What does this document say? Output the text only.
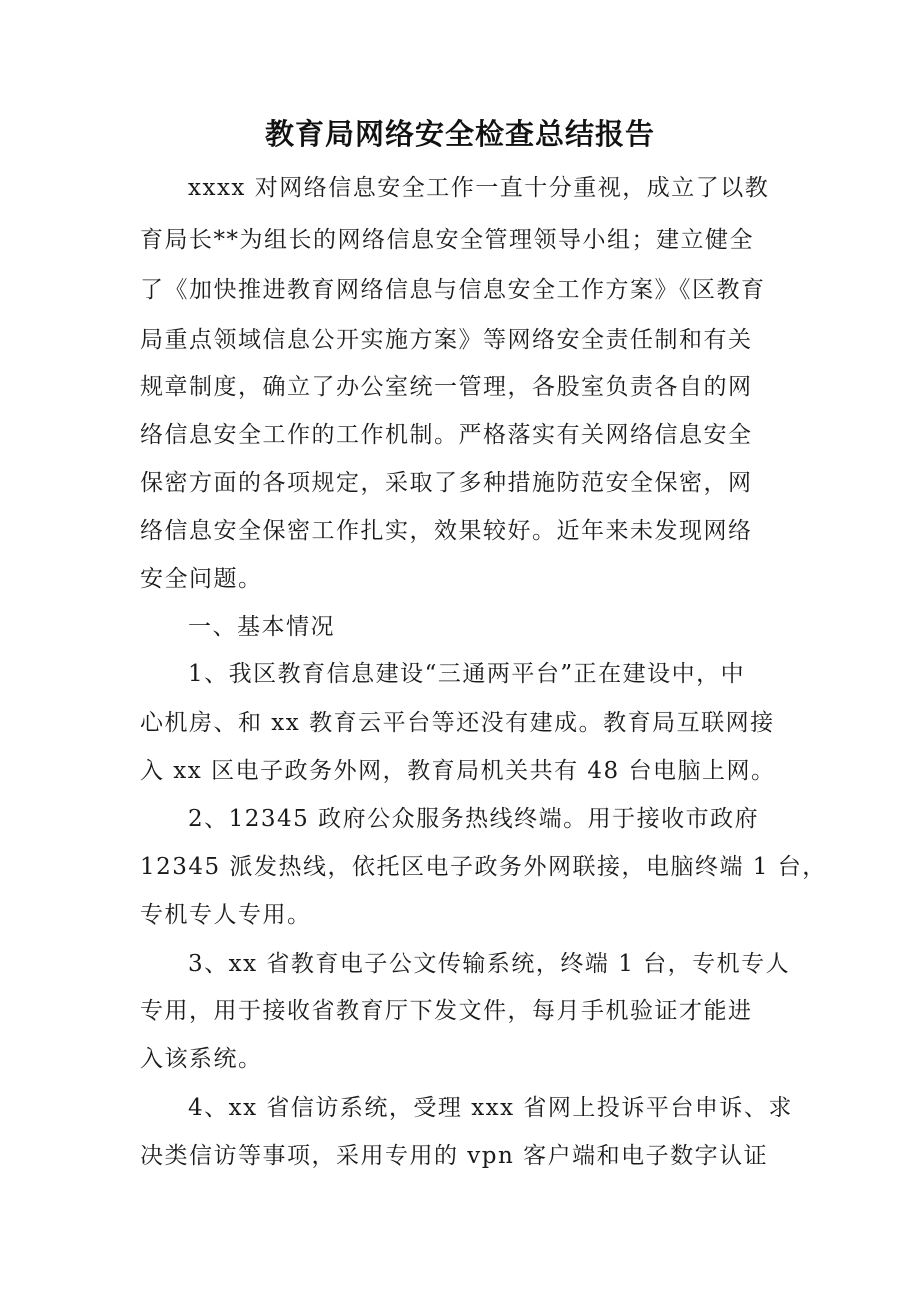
教育局网络安全检查总结报告

xxxx 对网络信息安全工作一直十分重视，成立了以教

育局长**为组长的网络信息安全管理领导小组；建立健全

了《加快推进教育网络信息与信息安全工作方案》《区教育

局重点领域信息公开实施方案》等网络安全责任制和有关

规章制度，确立了办公室统一管理，各股室负责各自的网

络信息安全工作的工作机制。严格落实有关网络信息安全

保密方面的各项规定，采取了多种措施防范安全保密，网

络信息安全保密工作扎实，效果较好。近年来未发现网络

安全问题。

一、基本情况

1、我区教育信息建设“三通两平台”正在建设中，中

心机房、和 xx 教育云平台等还没有建成。教育局互联网接

入 xx 区电子政务外网，教育局机关共有 48 台电脑上网。

2、12345 政府公众服务热线终端。用于接收市政府

12345 派发热线，依托区电子政务外网联接，电脑终端 1 台，

专机专人专用。

3、xx 省教育电子公文传输系统，终端 1 台，专机专人

专用，用于接收省教育厅下发文件，每月手机验证才能进

入该系统。

4、xx 省信访系统，受理 xxx 省网上投诉平台申诉、求

决类信访等事项，采用专用的 vpn 客户端和电子数字认证
